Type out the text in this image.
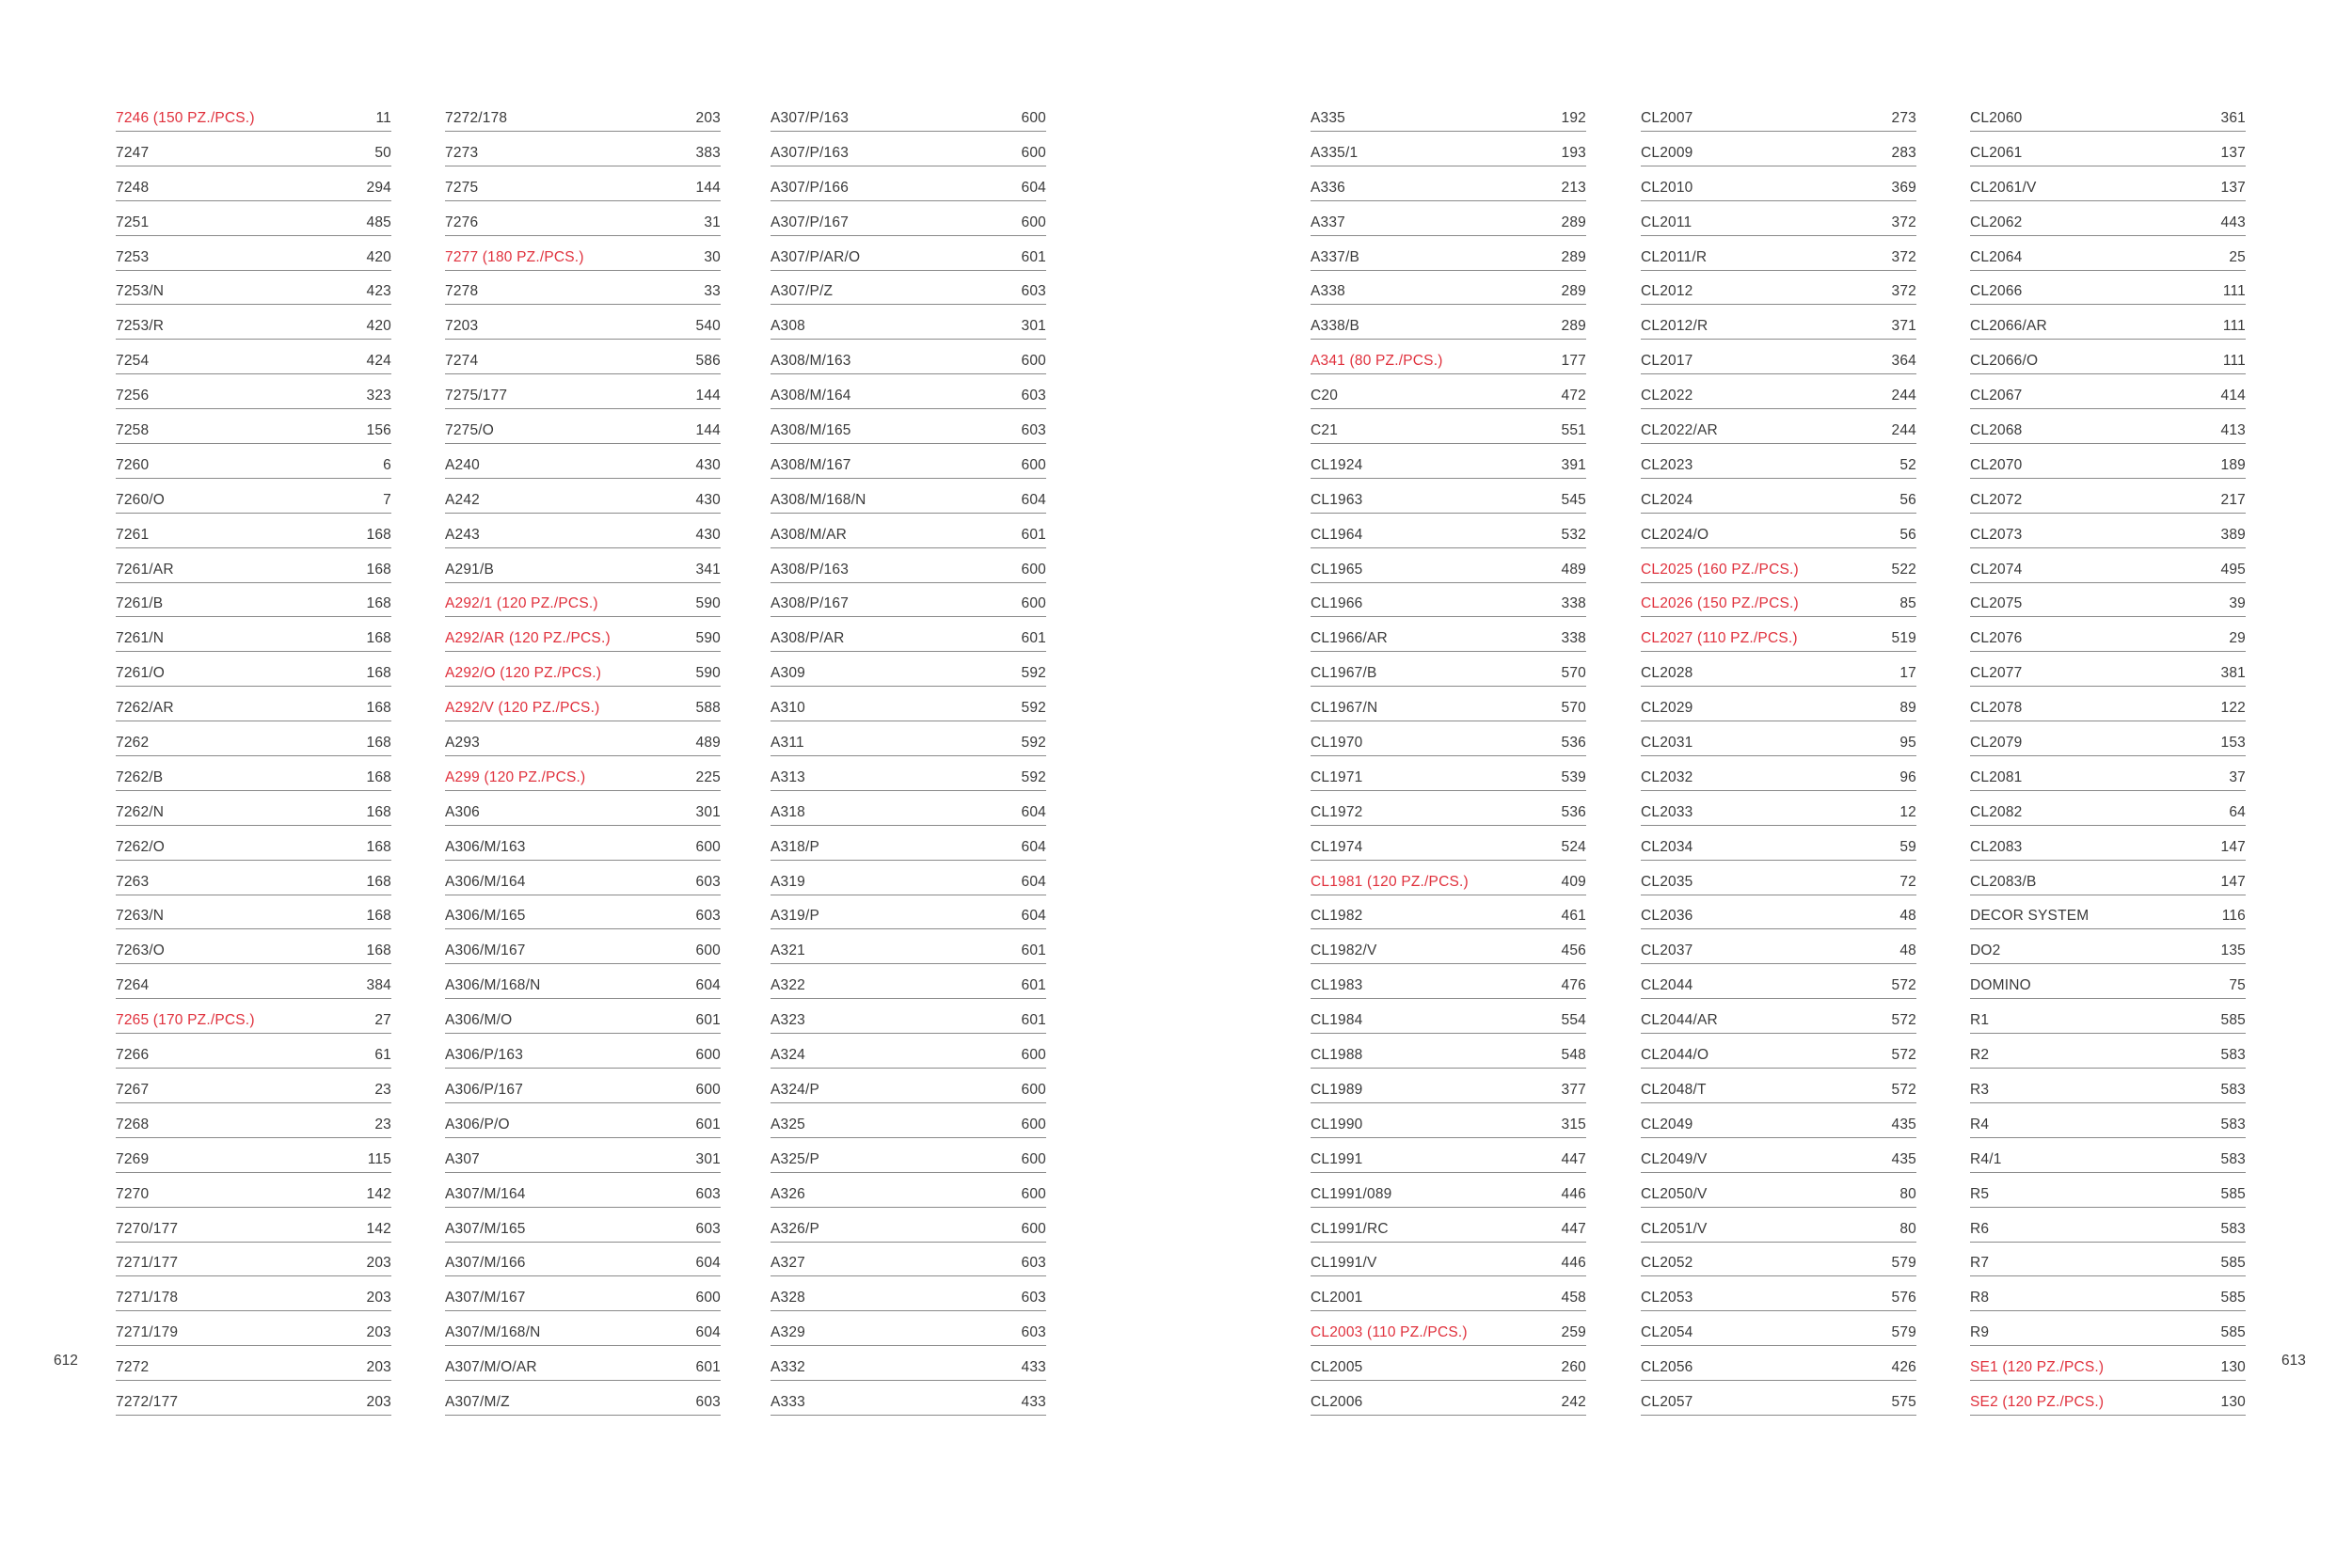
7246 (150 PZ./PCS.)	11
7247	50
7248	294
7251	485
7253	420
7253/N	423
7253/R	420
7254	424
7256	323
7258	156
7260	6
7260/O	7
7261	168
7261/AR	168
7261/B	168
7261/N	168
7261/O	168
7262/AR	168
7262	168
7262/B	168
7262/N	168
7262/O	168
7263	168
7263/N	168
7263/O	168
7264	384
7265 (170 PZ./PCS.)	27
7266	61
7267	23
7268	23
7269	115
7270	142
7270/177	142
7271/177	203
7271/178	203
7271/179	203
7272	203
7272/177	203
7272/178	203
7273	383
7275	144
7276	31
7277 (180 PZ./PCS.)	30
7278	33
7203	540
7274	586
7275/177	144
7275/O	144
A240	430
A242	430
A243	430
A291/B	341
A292/1 (120 PZ./PCS.)	590
A292/AR (120 PZ./PCS.)	590
A292/O (120 PZ./PCS.)	590
A292/V (120 PZ./PCS.)	588
A293	489
A299 (120 PZ./PCS.)	225
A306	301
A306/M/163	600
A306/M/164	603
A306/M/165	603
A306/M/167	600
A306/M/168/N	604
A306/M/O	601
A306/P/163	600
A306/P/167	600
A306/P/O	601
A307	301
A307/M/164	603
A307/M/165	603
A307/M/166	604
A307/M/167	600
A307/M/168/N	604
A307/M/O/AR	601
A307/M/Z	603
A307/P/163	600
A307/P/163	600
A307/P/166	604
A307/P/167	600
A307/P/AR/O	601
A307/P/Z	603
A308	301
A308/M/163	600
A308/M/164	603
A308/M/165	603
A308/M/167	600
A308/M/168/N	604
A308/M/AR	601
A308/P/163	600
A308/P/167	600
A308/P/AR	601
A309	592
A310	592
A311	592
A313	592
A318	604
A318/P	604
A319	604
A319/P	604
A321	601
A322	601
A323	601
A324	600
A324/P	600
A325	600
A325/P	600
A326	600
A326/P	600
A327	603
A328	603
A329	603
A332	433
A333	433
A335	192
A335/1	193
A336	213
A337	289
A337/B	289
A338	289
A338/B	289
A341 (80 PZ./PCS.)	177
C20	472
C21	551
CL1924	391
CL1963	545
CL1964	532
CL1965	489
CL1966	338
CL1966/AR	338
CL1967/B	570
CL1967/N	570
CL1970	536
CL1971	539
CL1972	536
CL1974	524
CL1981 (120 PZ./PCS.)	409
CL1982	461
CL1982/V	456
CL1983	476
CL1984	554
CL1988	548
CL1989	377
CL1990	315
CL1991	447
CL1991/089	446
CL1991/RC	447
CL1991/V	446
CL2001	458
CL2003 (110 PZ./PCS.)	259
CL2005	260
CL2006	242
CL2007	273
CL2009	283
CL2010	369
CL2011	372
CL2011/R	372
CL2012	372
CL2012/R	371
CL2017	364
CL2022	244
CL2022/AR	244
CL2023	52
CL2024	56
CL2024/O	56
CL2025 (160 PZ./PCS.)	522
CL2026 (150 PZ./PCS.)	85
CL2027 (110 PZ./PCS.)	519
CL2028	17
CL2029	89
CL2031	95
CL2032	96
CL2033	12
CL2034	59
CL2035	72
CL2036	48
CL2037	48
CL2044	572
CL2044/AR	572
CL2044/O	572
CL2048/T	572
CL2049	435
CL2049/V	435
CL2050/V	80
CL2051/V	80
CL2052	579
CL2053	576
CL2054	579
CL2056	426
CL2057	575
CL2060	361
CL2061	137
CL2061/V	137
CL2062	443
CL2064	25
CL2066	111
CL2066/AR	111
CL2066/O	111
CL2067	414
CL2068	413
CL2070	189
CL2072	217
CL2073	389
CL2074	495
CL2075	39
CL2076	29
CL2077	381
CL2078	122
CL2079	153
CL2081	37
CL2082	64
CL2083	147
CL2083/B	147
DECOR SYSTEM	116
DO2	135
DOMINO	75
R1	585
R2	583
R3	583
R4	583
R4/1	583
R5	585
R6	583
R7	585
R8	585
R9	585
SE1 (120 PZ./PCS.)	130
SE2 (120 PZ./PCS.)	130
612	613
